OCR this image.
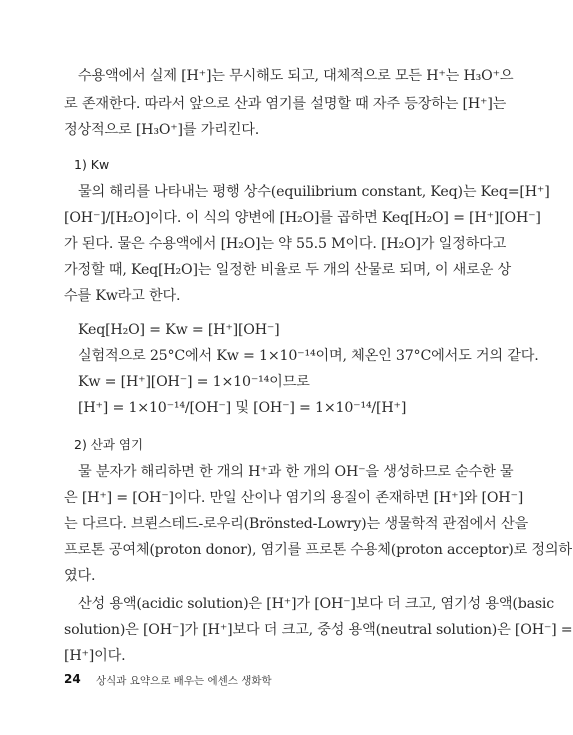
수용액에서 실제 [H⁺]는 무시해도 되고, 대체적으로 모든 H⁺는 H₃O⁺으
로 존재한다. 따라서 앞으로 산과 염기를 설명할 때 자주 등장하는 [H⁺]는
정상적으로 [H₃O⁺]를 가리킨다.
1) Kw
물의 해리를 나타내는 평행 상수(equilibrium constant, Keq)는 Keq=[H⁺]
[OH⁻]/[H₂O]이다. 이 식의 양변에 [H₂O]를 곱하면 Keq[H₂O] = [H⁺][OH⁻]
가 된다. 물은 수용액에서 [H₂O]는 약 55.5 M이다. [H₂O]가 일정하다고
가정할 때, Keq[H₂O]는 일정한 비율로 두 개의 산물로 되며, 이 새로운 상
수를 Kw라고 한다.
Keq[H₂O] = Kw = [H⁺][OH⁻]
실험적으로 25°C에서 Kw = 1×10⁻¹⁴이며, 체온인 37°C에서도 거의 같다.
Kw = [H⁺][OH⁻] = 1×10⁻¹⁴이므로
[H⁺] = 1×10⁻¹⁴/[OH⁻] 및 [OH⁻] = 1×10⁻¹⁴/[H⁺]
2) 산과 염기
물 분자가 해리하면 한 개의 H⁺과 한 개의 OH⁻을 생성하므로 순수한 물
은 [H⁺] = [OH⁻]이다. 만일 산이나 염기의 용질이 존재하면 [H⁺]와 [OH⁻]
는 다르다. 브뢴스테드-로우리(Brönsted-Lowry)는 생물학적 관점에서 산을
프로톤 공여체(proton donor), 염기를 프로톤 수용체(proton acceptor)로 정의하
였다.
산성 용액(acidic solution)은 [H⁺]가 [OH⁻]보다 더 크고, 염기성 용액(basic
solution)은 [OH⁻]가 [H⁺]보다 더 크고, 중성 용액(neutral solution)은 [OH⁻] =
[H⁺]이다.
24 상식과 요약으로 배우는 에센스 생화학
